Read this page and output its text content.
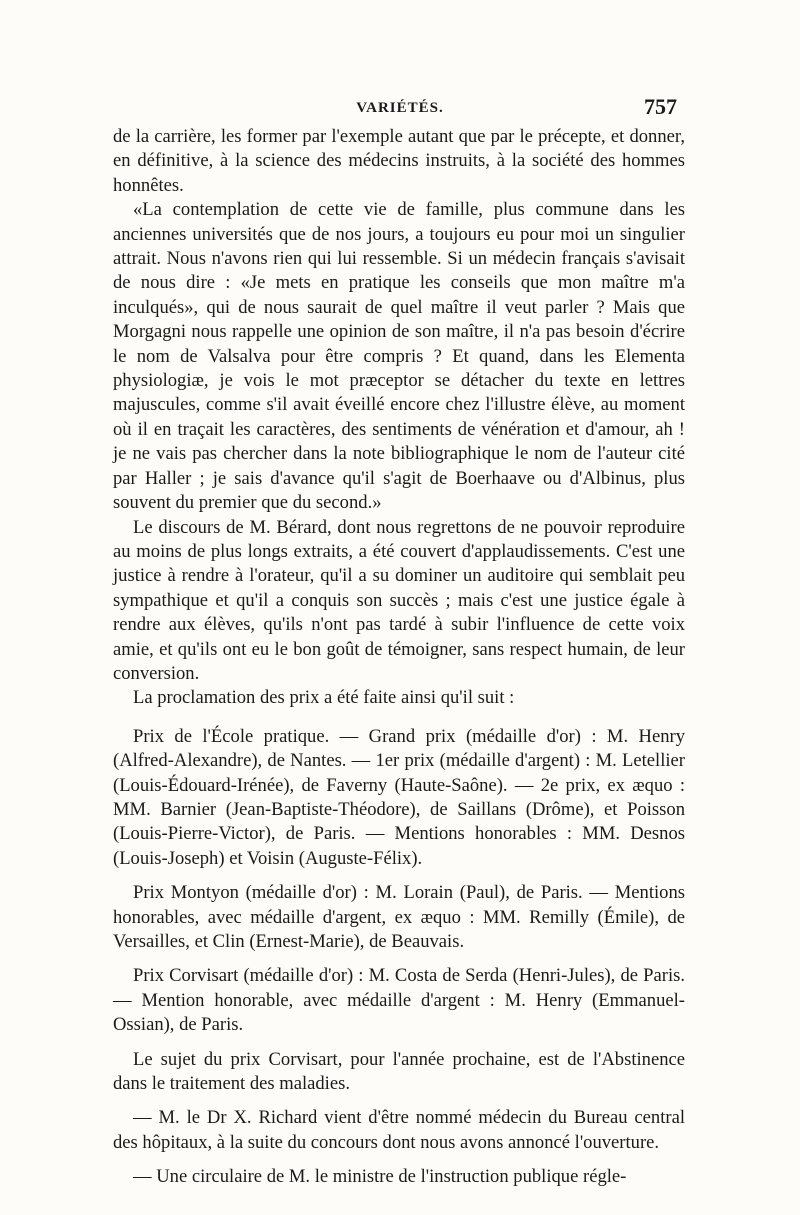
VARIÉTÉS.	757

de la carrière, les former par l'exemple autant que par le précepte, et donner, en définitive, à la science des médecins instruits, à la société des hommes honnêtes.

«La contemplation de cette vie de famille, plus commune dans les anciennes universités que de nos jours, a toujours eu pour moi un singulier attrait. Nous n'avons rien qui lui ressemble. Si un médecin français s'avisait de nous dire : «Je mets en pratique les conseils que mon maître m'a inculqués», qui de nous saurait de quel maître il veut parler ? Mais que Morgagni nous rappelle une opinion de son maître, il n'a pas besoin d'écrire le nom de Valsalva pour être compris ? Et quand, dans les Elementa physiologiæ, je vois le mot præceptor se détacher du texte en lettres majuscules, comme s'il avait éveillé encore chez l'illustre élève, au moment où il en traçait les caractères, des sentiments de vénération et d'amour, ah ! je ne vais pas chercher dans la note bibliographique le nom de l'auteur cité par Haller ; je sais d'avance qu'il s'agit de Boerhaave ou d'Albinus, plus souvent du premier que du second.»

Le discours de M. Bérard, dont nous regrettons de ne pouvoir reproduire au moins de plus longs extraits, a été couvert d'applaudissements. C'est une justice à rendre à l'orateur, qu'il a su dominer un auditoire qui semblait peu sympathique et qu'il a conquis son succès ; mais c'est une justice égale à rendre aux élèves, qu'ils n'ont pas tardé à subir l'influence de cette voix amie, et qu'ils ont eu le bon goût de témoigner, sans respect humain, de leur conversion.

La proclamation des prix a été faite ainsi qu'il suit :

Prix de l'École pratique. — Grand prix (médaille d'or) : M. Henry (Alfred-Alexandre), de Nantes. — 1er prix (médaille d'argent) : M. Letellier (Louis-Édouard-Irénée), de Faverny (Haute-Saône). — 2e prix, ex æquo : MM. Barnier (Jean-Baptiste-Théodore), de Saillans (Drôme), et Poisson (Louis-Pierre-Victor), de Paris. — Mentions honorables : MM. Desnos (Louis-Joseph) et Voisin (Auguste-Félix).

Prix Montyon (médaille d'or) : M. Lorain (Paul), de Paris. — Mentions honorables, avec médaille d'argent, ex æquo : MM. Remilly (Émile), de Versailles, et Clin (Ernest-Marie), de Beauvais.

Prix Corvisart (médaille d'or) : M. Costa de Serda (Henri-Jules), de Paris. — Mention honorable, avec médaille d'argent : M. Henry (Emmanuel-Ossian), de Paris.

Le sujet du prix Corvisart, pour l'année prochaine, est de l'Abstinence dans le traitement des maladies.

— M. le Dr X. Richard vient d'être nommé médecin du Bureau central des hôpitaux, à la suite du concours dont nous avons annoncé l'ouverture.

— Une circulaire de M. le ministre de l'instruction publique régle-
